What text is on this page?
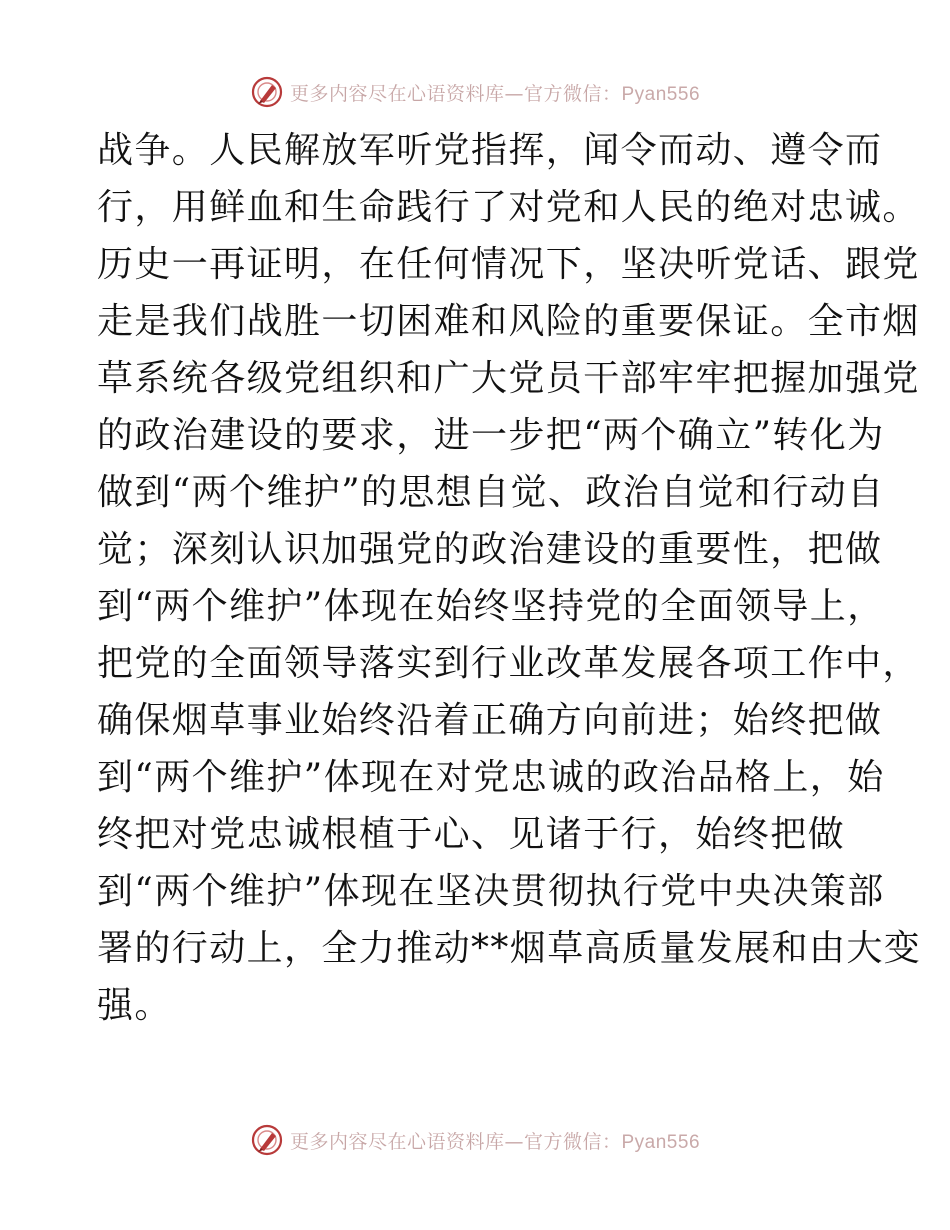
更多内容尽在心语资料库—官方微信：Pyan556
战争。人民解放军听党指挥，闻令而动、遵令而
行，用鲜血和生命践行了对党和人民的绝对忠诚。
历史一再证明，在任何情况下，坚决听党话、跟党
走是我们战胜一切困难和风险的重要保证。全市烟
草系统各级党组织和广大党员干部牢牢把握加强党
的政治建设的要求，进一步把“两个确立”转化为
做到“两个维护”的思想自觉、政治自觉和行动自
觉；深刻认识加强党的政治建设的重要性，把做
到“两个维护”体现在始终坚持党的全面领导上，
把党的全面领导落实到行业改革发展各项工作中，
确保烟草事业始终沿着正确方向前进；始终把做
到“两个维护”体现在对党忠诚的政治品格上，始
终把对党忠诚根植于心、见诸于行，始终把做
到“两个维护”体现在坚决贯彻执行党中央决策部
署的行动上，全力推动**烟草高质量发展和由大变
强。
更多内容尽在心语资料库—官方微信：Pyan556
